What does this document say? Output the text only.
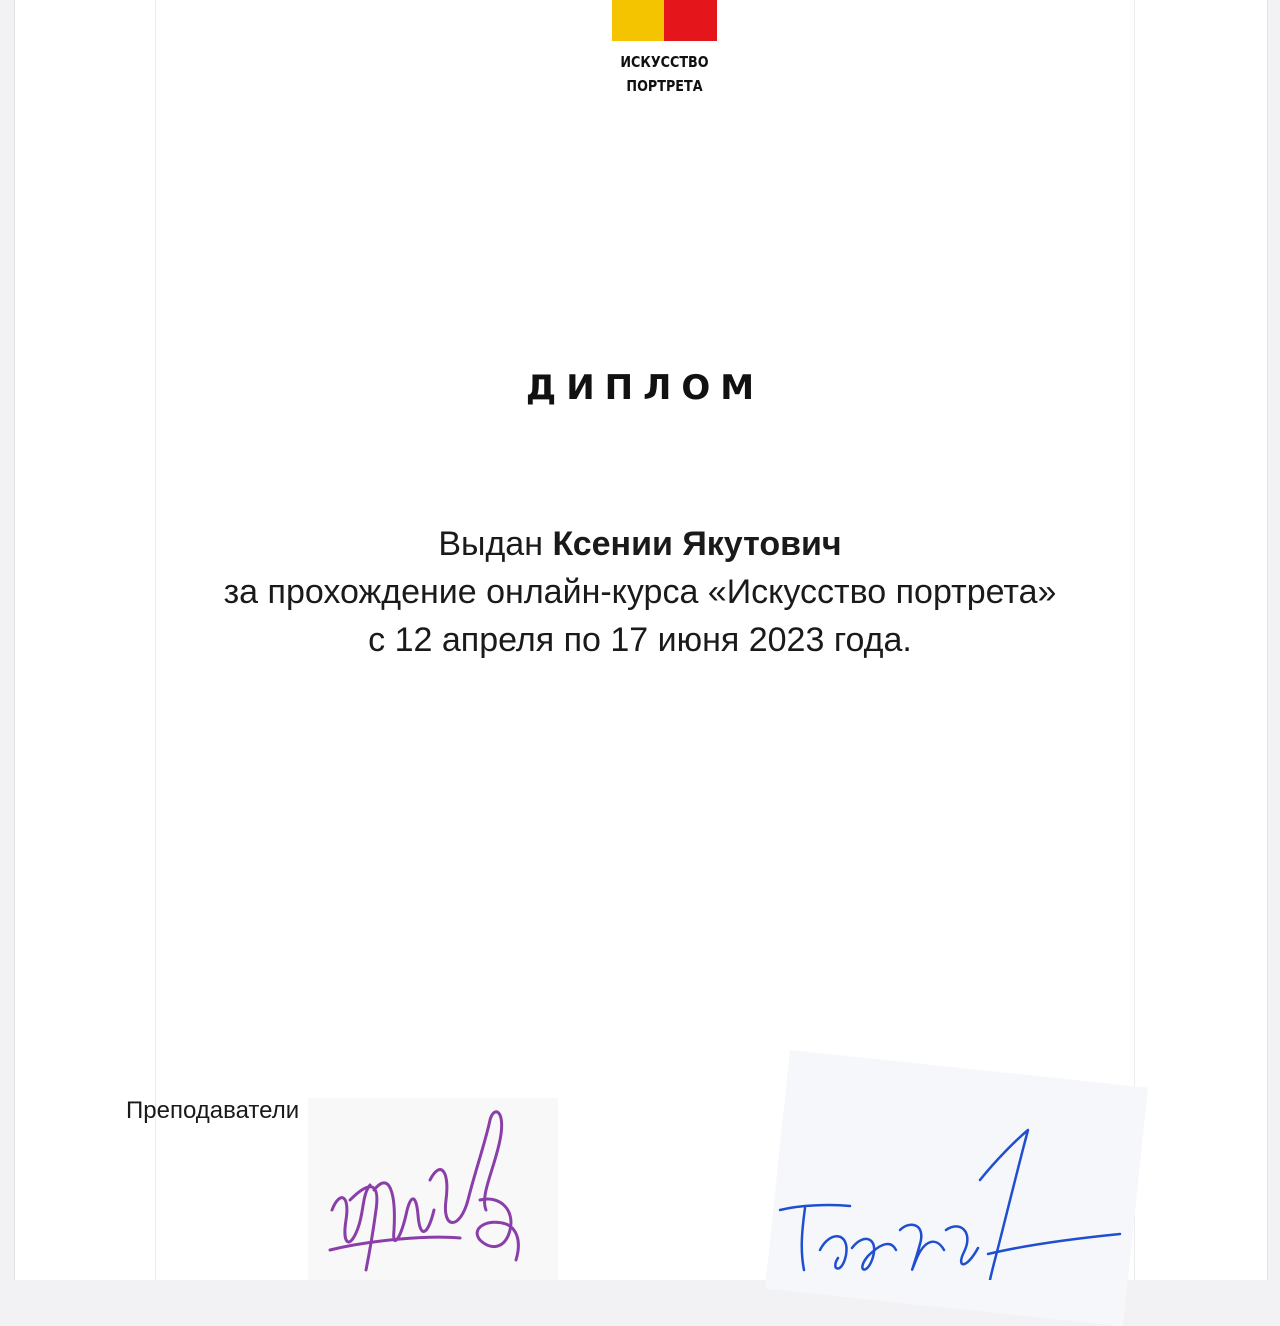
ИСКУССТВО
ПОРТРЕТА
ДИПЛОМ
Выдан Ксении Якутович
за прохождение онлайн-курса «Искусство портрета»
с 12 апреля по 17 июня 2023 года.
Преподаватели
